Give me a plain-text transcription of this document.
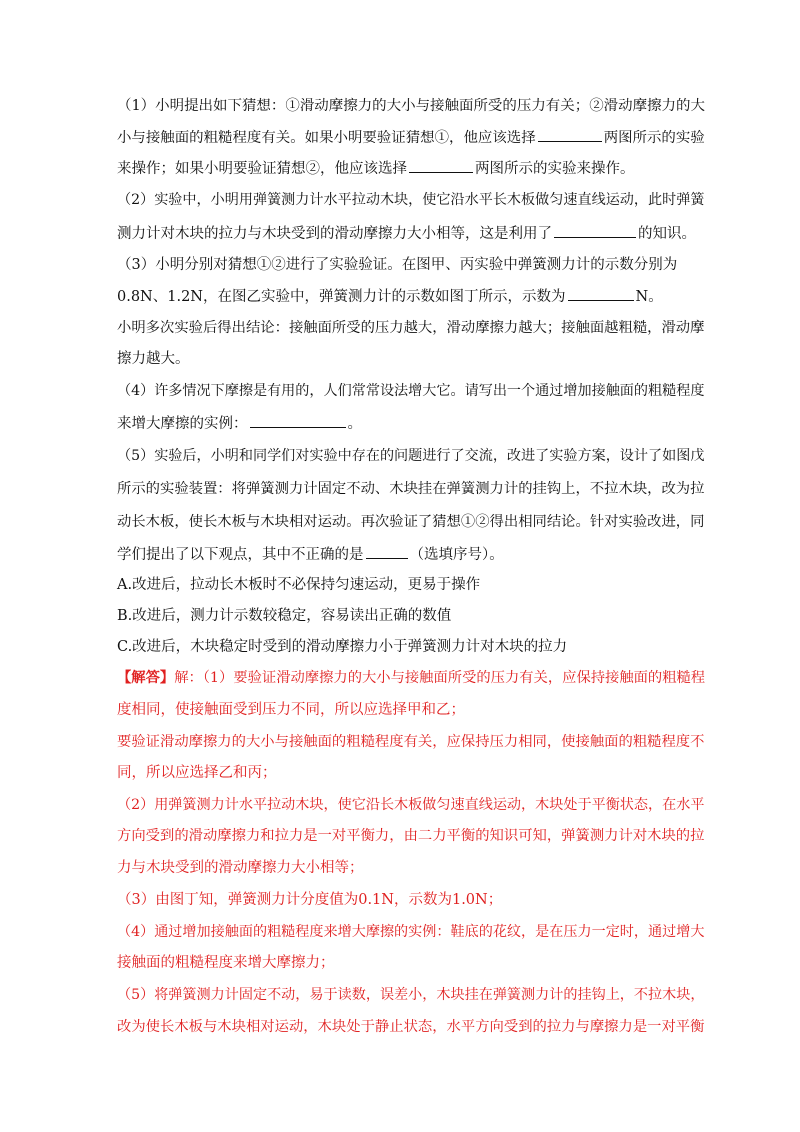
（1）小明提出如下猜想：①滑动摩擦力的大小与接触面所受的压力有关；②滑动摩擦力的大
小与接触面的粗糙程度有关。如果小明要验证猜想①，他应该选择	两图所示的实验
来操作；如果小明要验证猜想②，他应该选择	两图所示的实验来操作。
（2）实验中，小明用弹簧测力计水平拉动木块，使它沿水平长木板做匀速直线运动，此时弹簧
测力计对木块的拉力与木块受到的滑动摩擦力大小相等，这是利用了	的知识。
（3）小明分别对猜想①②进行了实验验证。在图甲、丙实验中弹簧测力计的示数分别为
0.8N、1.2N，在图乙实验中，弹簧测力计的示数如图丁所示，示数为	N。
小明多次实验后得出结论：接触面所受的压力越大，滑动摩擦力越大；接触面越粗糙，滑动摩
擦力越大。
（4）许多情况下摩擦是有用的，人们常常设法增大它。请写出一个通过增加接触面的粗糙程度
来增大摩擦的实例：	。
（5）实验后，小明和同学们对实验中存在的问题进行了交流，改进了实验方案，设计了如图戊
所示的实验装置：将弹簧测力计固定不动、木块挂在弹簧测力计的挂钩上，不拉木块，改为拉
动长木板，使长木板与木块相对运动。再次验证了猜想①②得出相同结论。针对实验改进，同
学们提出了以下观点，其中不正确的是	（选填序号）。
A.改进后，拉动长木板时不必保持匀速运动，更易于操作
B.改进后，测力计示数较稳定，容易读出正确的数值
C.改进后，木块稳定时受到的滑动摩擦力小于弹簧测力计对木块的拉力
【解答】解：（1）要验证滑动摩擦力的大小与接触面所受的压力有关，应保持接触面的粗糙程
度相同，使接触面受到压力不同，所以应选择甲和乙；
要验证滑动摩擦力的大小与接触面的粗糙程度有关，应保持压力相同，使接触面的粗糙程度不
同，所以应选择乙和丙；
（2）用弹簧测力计水平拉动木块，使它沿长木板做匀速直线运动，木块处于平衡状态，在水平
方向受到的滑动摩擦力和拉力是一对平衡力，由二力平衡的知识可知，弹簧测力计对木块的拉
力与木块受到的滑动摩擦力大小相等；
（3）由图丁知，弹簧测力计分度值为0.1N，示数为1.0N；
（4）通过增加接触面的粗糙程度来增大摩擦的实例：鞋底的花纹，是在压力一定时，通过增大
接触面的粗糙程度来增大摩擦力；
（5）将弹簧测力计固定不动，易于读数，误差小，木块挂在弹簧测力计的挂钩上，不拉木块，
改为使长木板与木块相对运动，木块处于静止状态，水平方向受到的拉力与摩擦力是一对平衡
